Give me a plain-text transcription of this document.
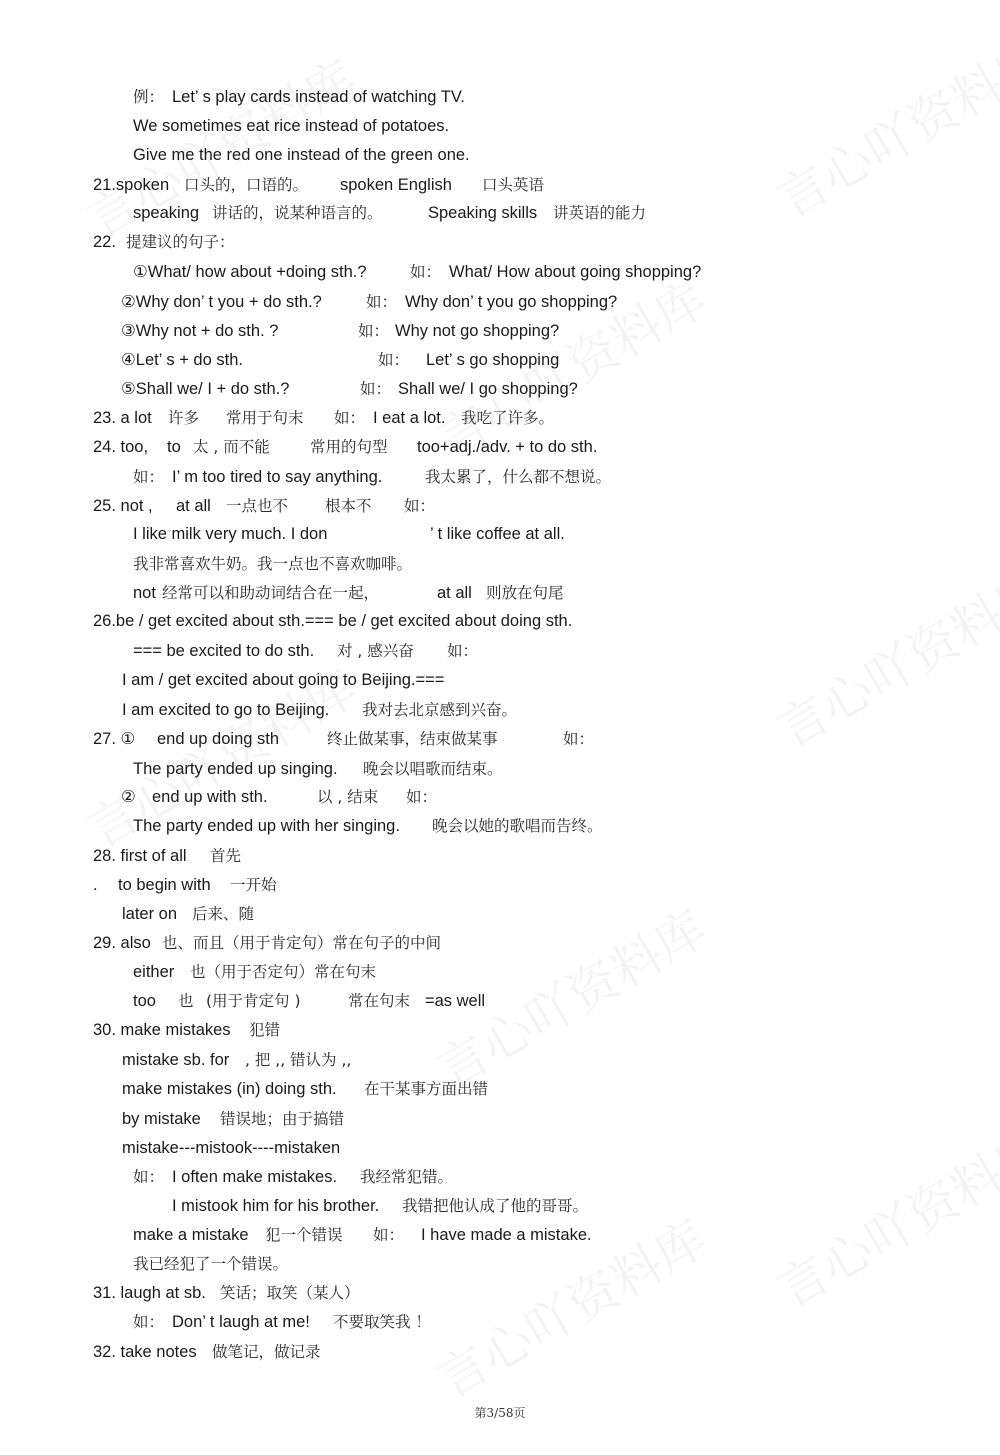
例： Let’ s play cards instead of watching TV.
We sometimes eat rice instead of potatoes.
Give me the red one instead of the green one.
21.spoken 口头的，口语的。 spoken English 口头英语
speaking 讲话的，说某种语言的。	Speaking skills 讲英语的能力
22. 提建议的句子：
①What/ how about +doing sth.?	如： What/ How about going shopping?
②Why don’ t you + do sth.?	如： Why don’ t you go shopping?
③Why not + do sth. ?	如： Why not go shopping?
④Let’ s + do sth.	如： Let’ s go shopping
⑤Shall we/ I + do sth.?	如： Shall we/ I go shopping?
23. a lot 许多 常用于句末 如： I eat a lot. 我吃了许多。
24. too, to 太 , 而不能	常用的句型 too+adj./adv. + to do sth.
如： I’ m too tired to say anything.	我太累了，什么都不想说。
25. not , at all 一点也不 根本不 如：
I like milk very much. I don	’ t like coffee at all.
我非常喜欢牛奶。我一点也不喜欢咖啡。
not 经常可以和助动词结合在一起，	at all 则放在句尾
26.be / get excited about sth.=== be / get excited about doing sth.
=== be excited to do sth. 对 , 感兴奋 如：
I am / get excited about going to Beijing.===
I am excited to go to Beijing. 我对去北京感到兴奋。
27. ① end up doing sth	终止做某事，结束做某事	如：
The party ended up singing. 晚会以唱歌而结束。
② end up with sth.	以 , 结束 如：
The party ended up with her singing. 晚会以她的歌唱而告终。
28. first of all 首先
. to begin with 一开始
later on 后来、随
29. also 也、而且（用于肯定句）常在句子的中间
either 也（用于否定句）常在句末
too 也 (用于肯定句 )	常在句末 =as well
30. make mistakes 犯错
mistake sb. for , 把 ,, 错认为 ,,
make mistakes (in) doing sth. 在干某事方面出错
by mistake 错误地；由于搞错
mistake---mistook----mistaken
如： I often make mistakes. 我经常犯错。
I mistook him for his brother. 我错把他认成了他的哥哥。
make a mistake 犯一个错误 如： I have made a mistake.
我已经犯了一个错误。
31. laugh at sb. 笑话；取笑（某人）
如： Don’ t laugh at me! 不要取笑我 ！
32. take notes 做笔记，做记录
第3/58页
